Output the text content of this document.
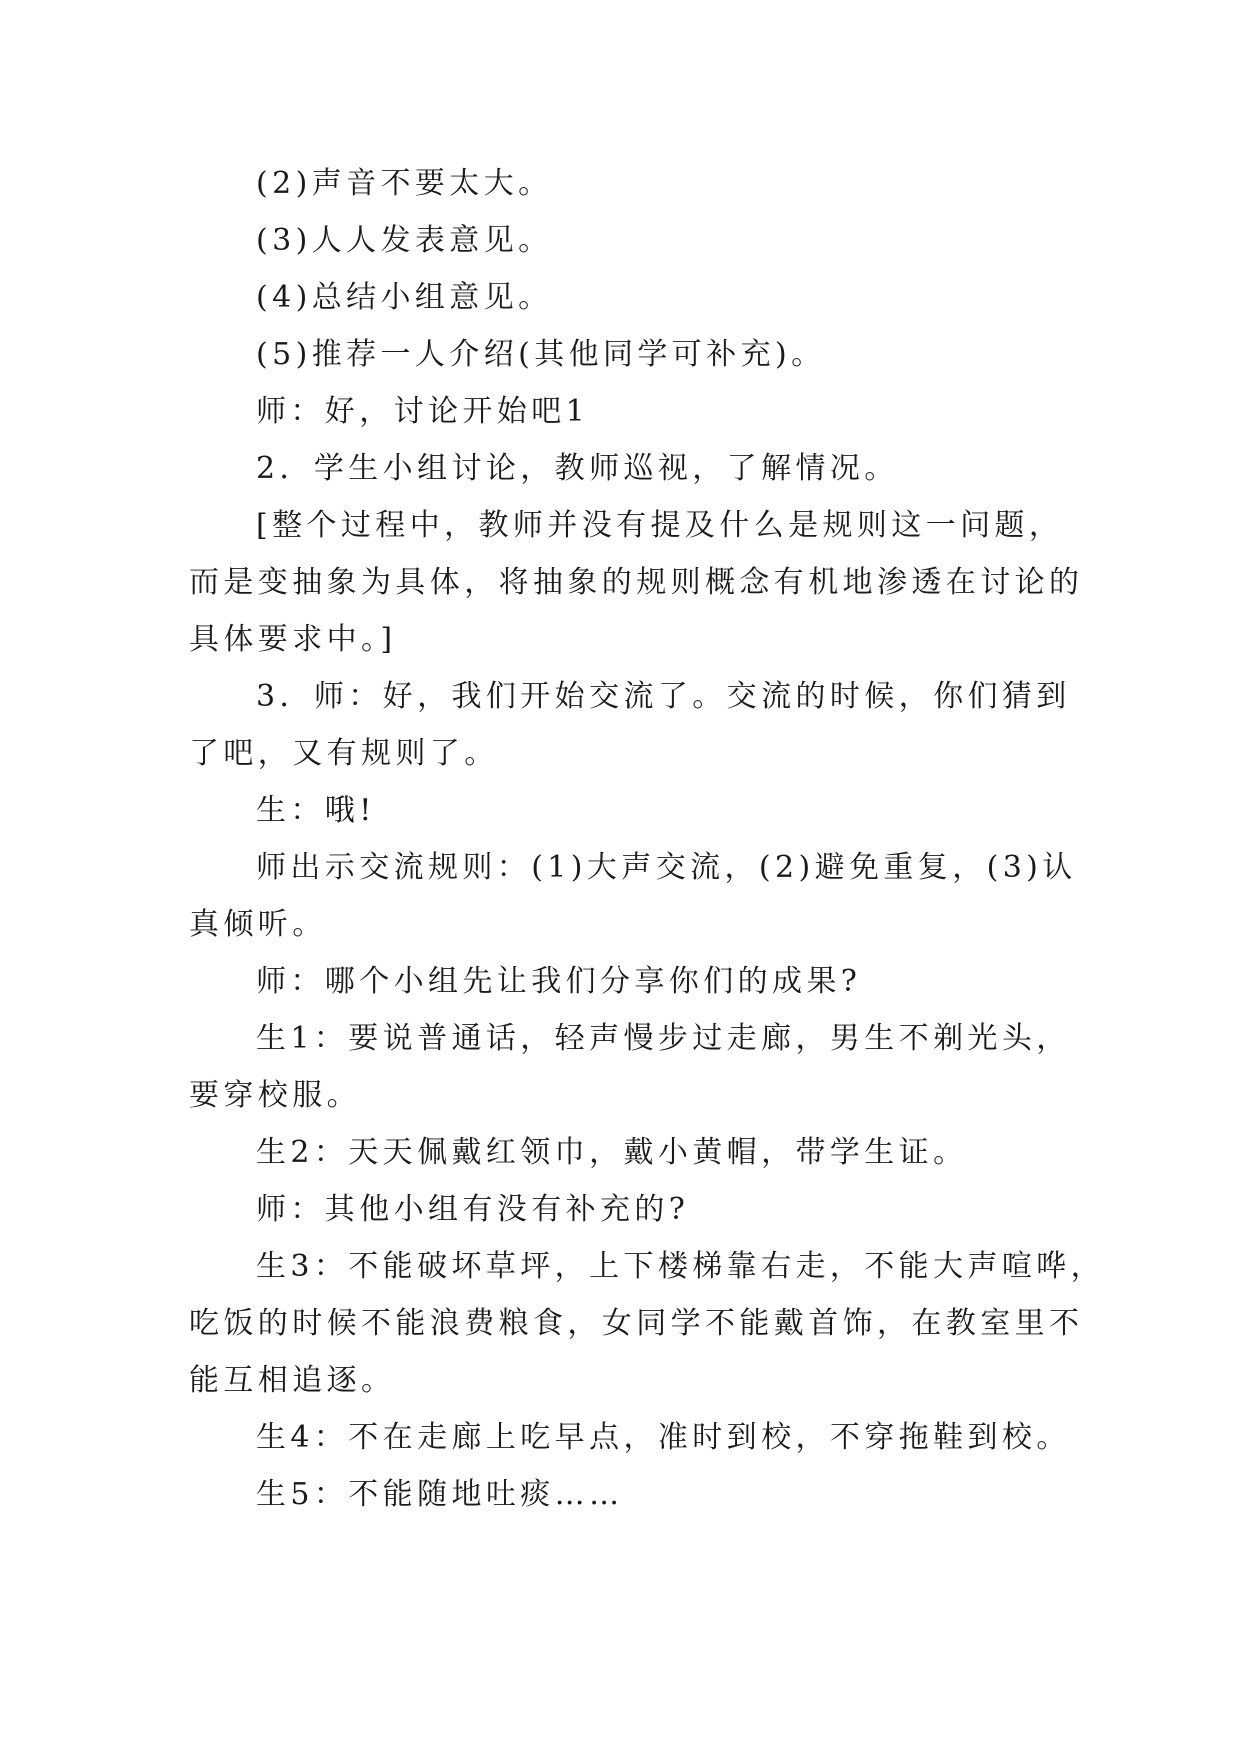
(2)声音不要太大。
(3)人人发表意见。
(4)总结小组意见。
(5)推荐一人介绍(其他同学可补充)。
师：好，讨论开始吧1
2．学生小组讨论，教师巡视，了解情况。
[整个过程中，教师并没有提及什么是规则这一问题，
而是变抽象为具体，将抽象的规则概念有机地渗透在讨论的
具体要求中。]
3．师：好，我们开始交流了。交流的时候，你们猜到
了吧，又有规则了。
生：哦!
师出示交流规则：(1)大声交流，(2)避免重复，(3)认
真倾听。
师：哪个小组先让我们分享你们的成果?
生1：要说普通话，轻声慢步过走廊，男生不剃光头，
要穿校服。
生2：天天佩戴红领巾，戴小黄帽，带学生证。
师：其他小组有没有补充的?
生3：不能破坏草坪，上下楼梯靠右走，不能大声喧哗，
吃饭的时候不能浪费粮食，女同学不能戴首饰，在教室里不
能互相追逐。
生4：不在走廊上吃早点，准时到校，不穿拖鞋到校。
生5：不能随地吐痰……
